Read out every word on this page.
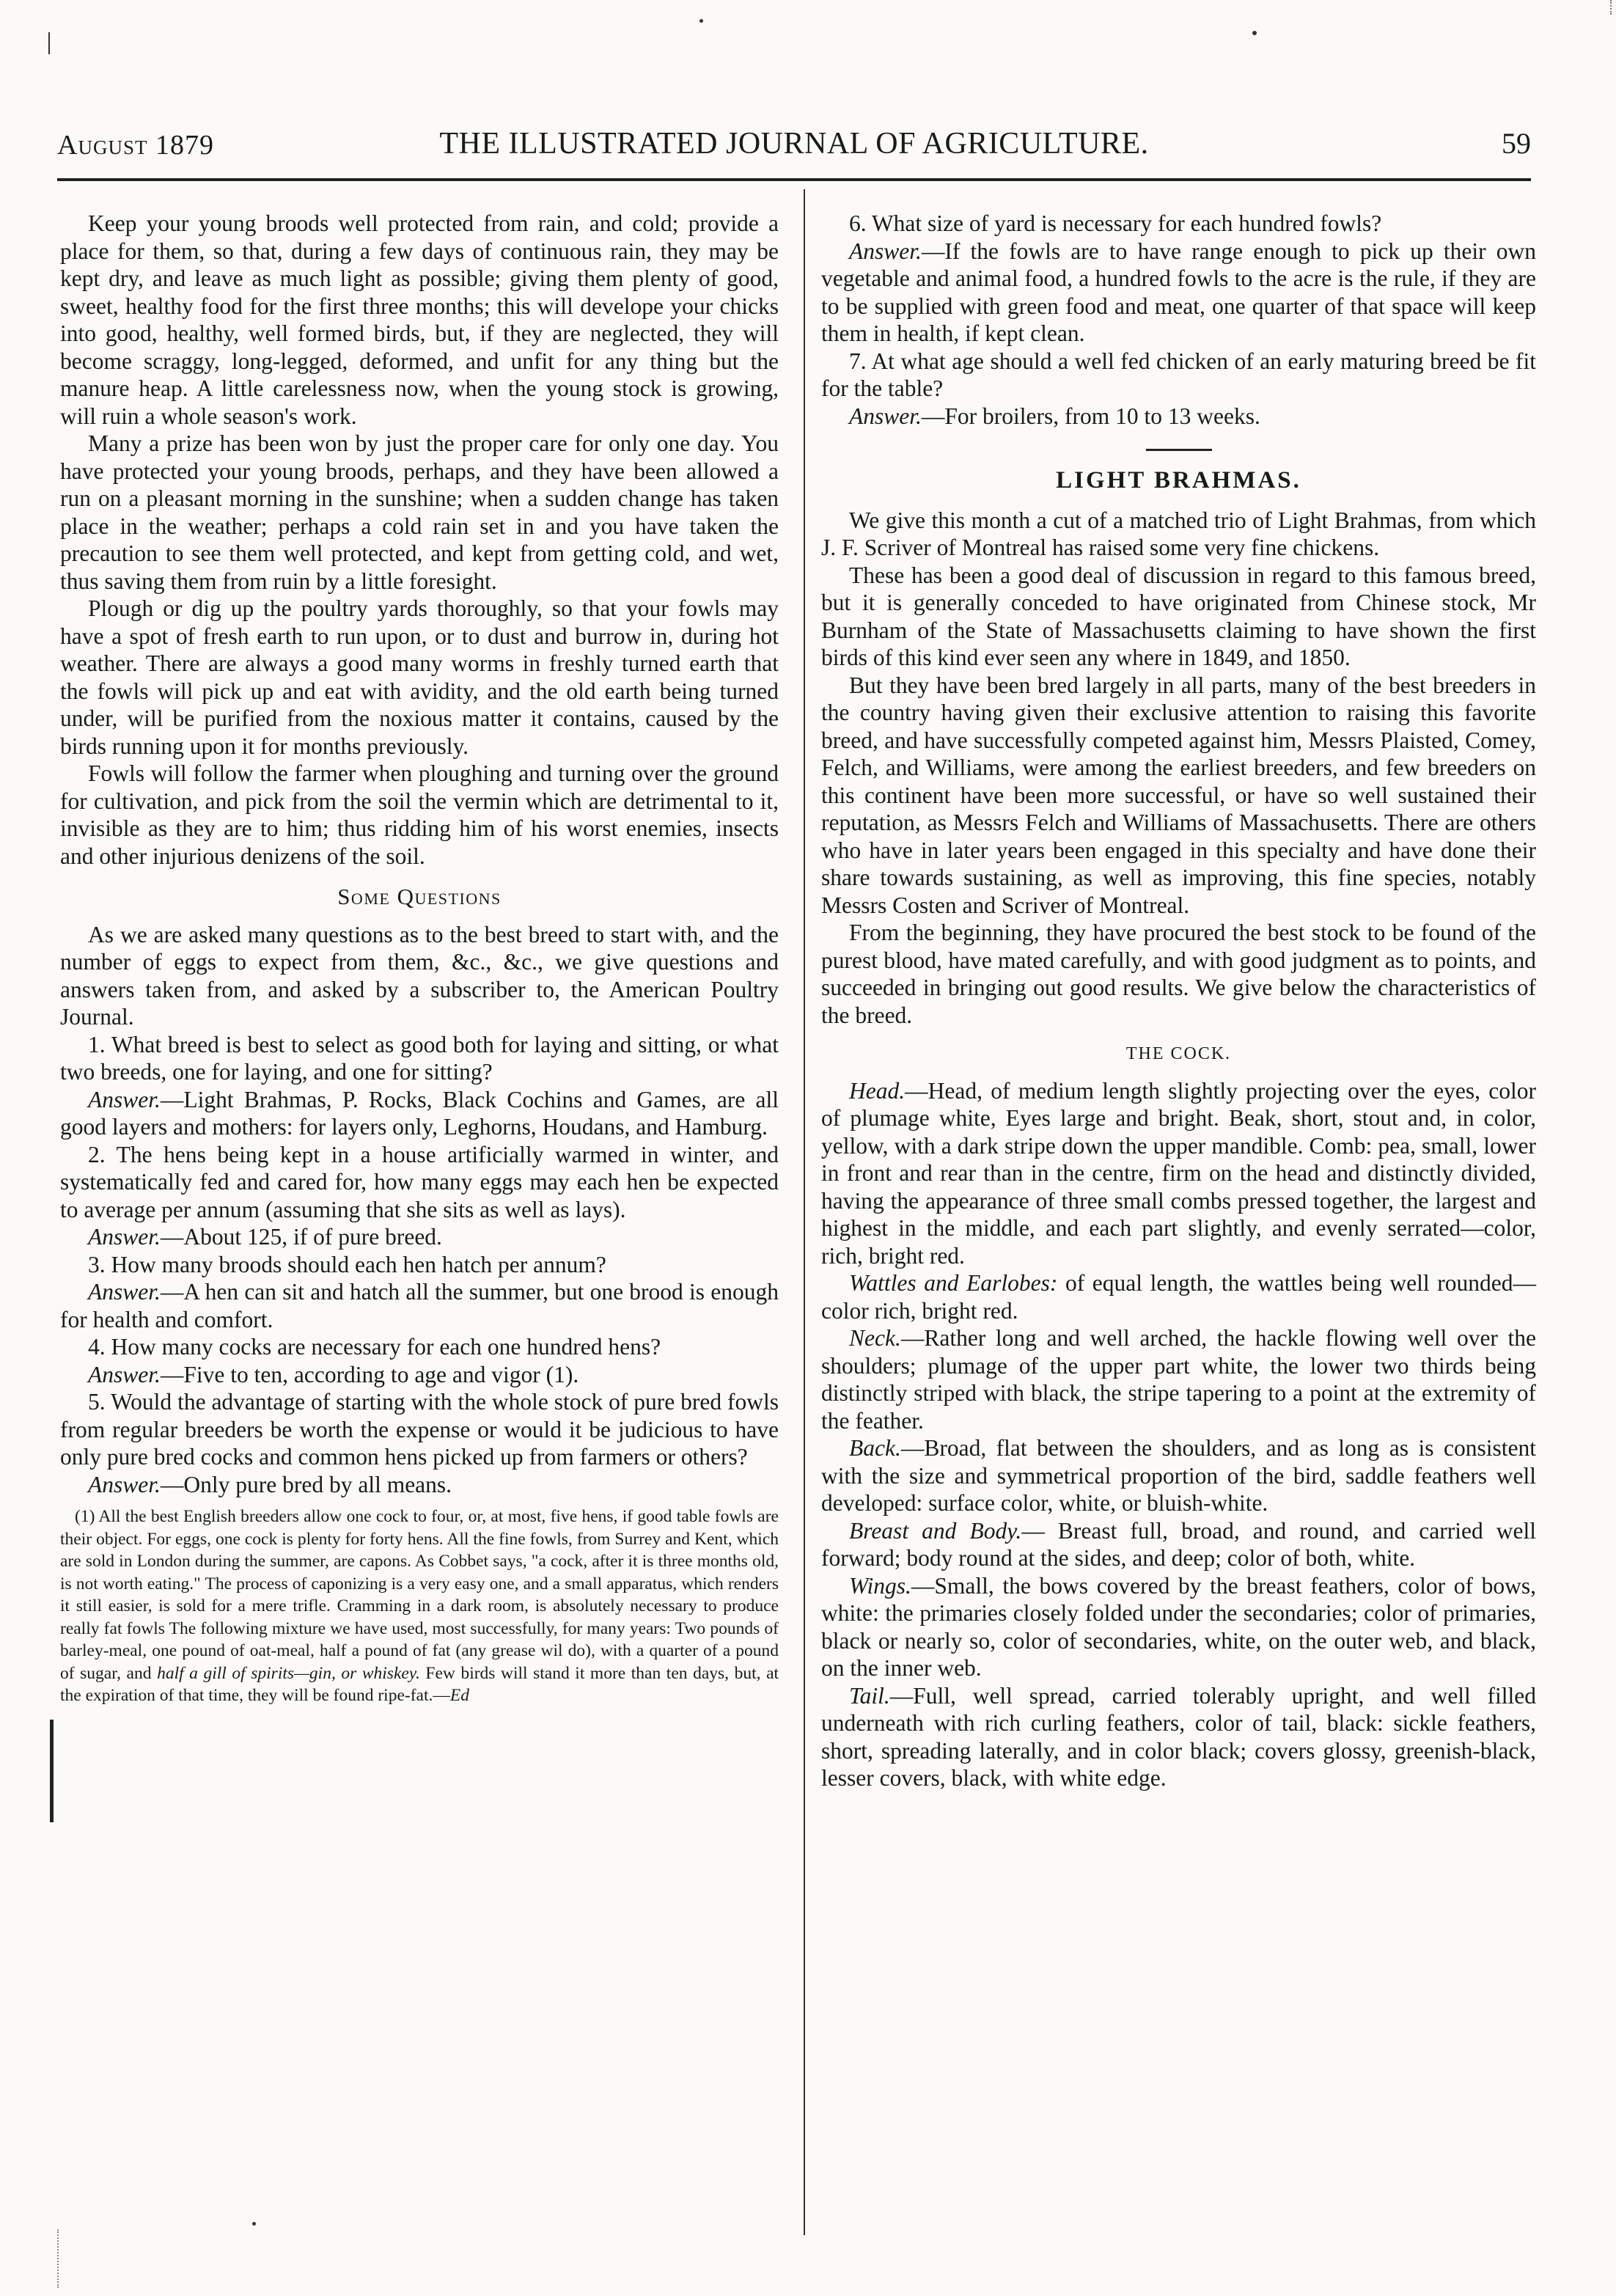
August 1879	THE ILLUSTRATED JOURNAL OF AGRICULTURE.	59

Keep your young broods well protected from rain, and cold; provide a place for them, so that, during a few days of continuous rain, they may be kept dry, and leave as much light as possible; giving them plenty of good, sweet, healthy food for the first three months; this will develope your chicks into good, healthy, well formed birds, but, if they are neglected, they will become scraggy, long-legged, deformed, and unfit for any thing but the manure heap. A little carelessness now, when the young stock is growing, will ruin a whole season's work.

Many a prize has been won by just the proper care for only one day. You have protected your young broods, perhaps, and they have been allowed a run on a pleasant morning in the sunshine; when a sudden change has taken place in the weather; perhaps a cold rain set in and you have taken the precaution to see them well protected, and kept from getting cold, and wet, thus saving them from ruin by a little foresight.

Plough or dig up the poultry yards thoroughly, so that your fowls may have a spot of fresh earth to run upon, or to dust and burrow in, during hot weather. There are always a good many worms in freshly turned earth that the fowls will pick up and eat with avidity, and the old earth being turned under, will be purified from the noxious matter it contains, caused by the birds running upon it for months previously.

Fowls will follow the farmer when ploughing and turning over the ground for cultivation, and pick from the soil the vermin which are detrimental to it, invisible as they are to him; thus ridding him of his worst enemies, insects and other injurious denizens of the soil.

Some Questions

As we are asked many questions as to the best breed to start with, and the number of eggs to expect from them, &c., &c., we give questions and answers taken from, and asked by a subscriber to, the American Poultry Journal.

1. What breed is best to select as good both for laying and sitting, or what two breeds, one for laying, and one for sitting?

Answer.—Light Brahmas, P. Rocks, Black Cochins and Games, are all good layers and mothers: for layers only, Leghorns, Houdans, and Hamburg.

2. The hens being kept in a house artificially warmed in winter, and systematically fed and cared for, how many eggs may each hen be expected to average per annum (assuming that she sits as well as lays).

Answer.—About 125, if of pure breed.

3. How many broods should each hen hatch per annum?

Answer.—A hen can sit and hatch all the summer, but one brood is enough for health and comfort.

4. How many cocks are necessary for each one hundred hens?

Answer.—Five to ten, according to age and vigor (1).

5. Would the advantage of starting with the whole stock of pure bred fowls from regular breeders be worth the expense or would it be judicious to have only pure bred cocks and common hens picked up from farmers or others?

Answer.—Only pure bred by all means.

(1) All the best English breeders allow one cock to four, or, at most, five hens, if good table fowls are their object. For eggs, one cock is plenty for forty hens. All the fine fowls, from Surrey and Kent, which are sold in London during the summer, are capons. As Cobbet says, "a cock, after it is three months old, is not worth eating." The process of caponizing is a very easy one, and a small apparatus, which renders it still easier, is sold for a mere trifle. Cramming in a dark room, is absolutely necessary to produce really fat fowls The following mixture we have used, most successfully, for many years: Two pounds of barley-meal, one pound of oat-meal, half a pound of fat (any grease wil do), with a quarter of a pound of sugar, and half a gill of spirits—gin, or whiskey. Few birds will stand it more than ten days, but, at the expiration of that time, they will be found ripe-fat.—Ed

6. What size of yard is necessary for each hundred fowls?

Answer.—If the fowls are to have range enough to pick up their own vegetable and animal food, a hundred fowls to the acre is the rule, if they are to be supplied with green food and meat, one quarter of that space will keep them in health, if kept clean.

7. At what age should a well fed chicken of an early maturing breed be fit for the table?

Answer.—For broilers, from 10 to 13 weeks.

LIGHT BRAHMAS.

We give this month a cut of a matched trio of Light Brahmas, from which J. F. Scriver of Montreal has raised some very fine chickens.

These has been a good deal of discussion in regard to this famous breed, but it is generally conceded to have originated from Chinese stock, Mr Burnham of the State of Massachusetts claiming to have shown the first birds of this kind ever seen any where in 1849, and 1850.

But they have been bred largely in all parts, many of the best breeders in the country having given their exclusive attention to raising this favorite breed, and have successfully competed against him, Messrs Plaisted, Comey, Felch, and Williams, were among the earliest breeders, and few breeders on this continent have been more successful, or have so well sustained their reputation, as Messrs Felch and Williams of Massachusetts. There are others who have in later years been engaged in this specialty and have done their share towards sustaining, as well as improving, this fine species, notably Messrs Costen and Scriver of Montreal.

From the beginning, they have procured the best stock to be found of the purest blood, have mated carefully, and with good judgment as to points, and succeeded in bringing out good results. We give below the characteristics of the breed.

THE COCK.

Head.—Head, of medium length slightly projecting over the eyes, color of plumage white, Eyes large and bright. Beak, short, stout and, in color, yellow, with a dark stripe down the upper mandible. Comb: pea, small, lower in front and rear than in the centre, firm on the head and distinctly divided, having the appearance of three small combs pressed together, the largest and highest in the middle, and each part slightly, and evenly serrated—color, rich, bright red.

Wattles and Earlobes: of equal length, the wattles being well rounded—color rich, bright red.

Neck.—Rather long and well arched, the hackle flowing well over the shoulders; plumage of the upper part white, the lower two thirds being distinctly striped with black, the stripe tapering to a point at the extremity of the feather.

Back.—Broad, flat between the shoulders, and as long as is consistent with the size and symmetrical proportion of the bird, saddle feathers well developed: surface color, white, or bluish-white.

Breast and Body.— Breast full, broad, and round, and carried well forward; body round at the sides, and deep; color of both, white.

Wings.—Small, the bows covered by the breast feathers, color of bows, white: the primaries closely folded under the secondaries; color of primaries, black or nearly so, color of secondaries, white, on the outer web, and black, on the inner web.

Tail.—Full, well spread, carried tolerably upright, and well filled underneath with rich curling feathers, color of tail, black: sickle feathers, short, spreading laterally, and in color black; covers glossy, greenish-black, lesser covers, black, with white edge.
